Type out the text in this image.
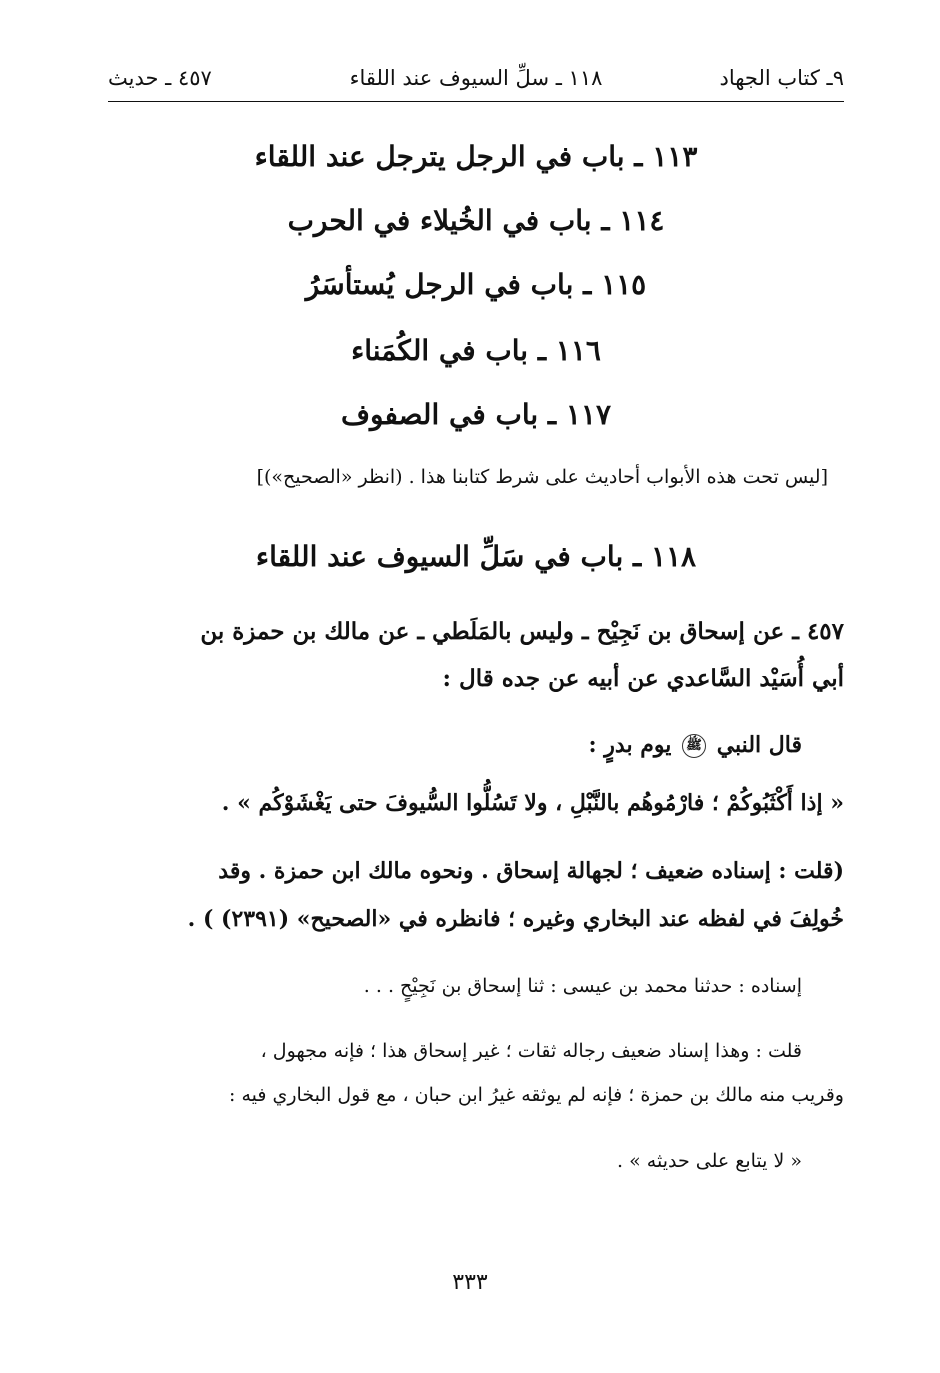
٩ـ كتاب الجهاد
١١٨ ـ سلِّ السيوف عند اللقاء
٤٥٧ ـ حديث
١١٣ ـ باب في الرجل يترجل عند اللقاء
١١٤ ـ باب في الخُيلاء في الحرب
١١٥ ـ باب في الرجل يُستأسَرُ
١١٦ ـ باب في الكُمَناء
١١٧ ـ باب في الصفوف
[ليس تحت هذه الأبواب أحاديث على شرط كتابنا هذا . (انظر «الصحيح»)]
١١٨ ـ باب في سَلِّ السيوف عند اللقاء
٤٥٧ ـ عن إسحاق بن نَجِيْح ـ وليس بالمَلَطي ـ عن مالك بن حمزة بن
أبي أُسَيْد السَّاعدي عن أبيه عن جده قال :
قال النبي ﷺ يوم بدرٍ :
« إذا أَكْثَبُوكُمْ ؛ فارْمُوهُم بالنَّبْلِ ، ولا تَسُلُّوا السُّيوفَ حتى يَغْشَوْكُم » .
(قلت : إسناده ضعيف ؛ لجهالة إسحاق . ونحوه مالك ابن حمزة . وقد
خُولِفَ في لفظه عند البخاري وغيره ؛ فانظره في «الصحيح» (٢٣٩١) ) .
إسناده : حدثنا محمد بن عيسى : ثنا إسحاق بن نَجِيْحٍ . . .
قلت : وهذا إسناد ضعيف رجاله ثقات ؛ غير إسحاق هذا ؛ فإنه مجهول ،
وقريب منه مالك بن حمزة ؛ فإنه لم يوثقه غيرُ ابن حبان ، مع قول البخاري فيه :
« لا يتابع على حديثه » .
٣٣٣
